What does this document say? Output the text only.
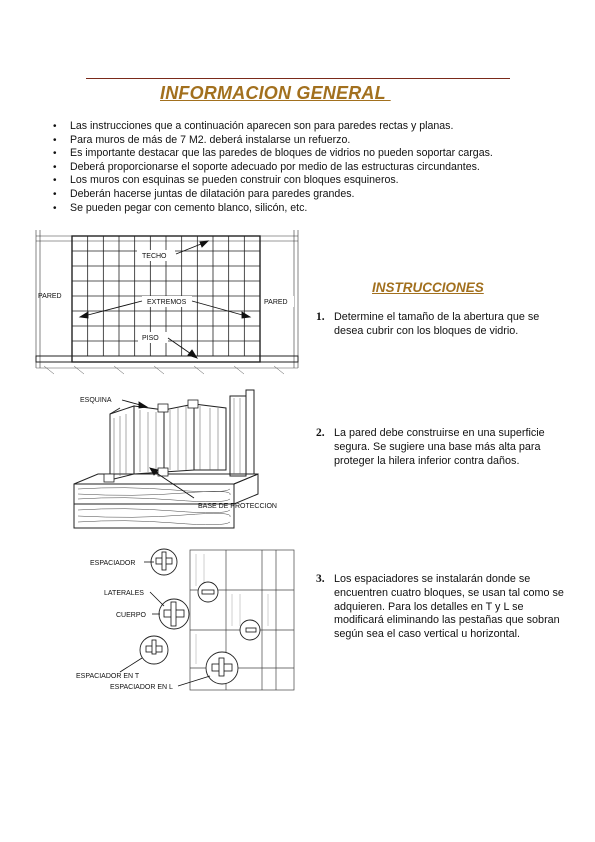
INFORMACION GENERAL
• Las instrucciones que a continuación aparecen son para paredes rectas y planas.
• Para muros de más de 7 M2. deberá instalarse un refuerzo.
• Es importante destacar que las paredes de bloques de vidrios no pueden soportar cargas.
• Deberá proporcionarse el soporte adecuado por medio de las estructuras circundantes.
• Los muros con esquinas se pueden construir con bloques esquineros.
• Deberán hacerse juntas de dilatación para paredes grandes.
• Se pueden pegar con cemento blanco, silicón, etc.
TECHO
EXTREMOS
PISO
PARED
PARED
ESQUINA
BASE DE PROTECCION
ESPACIADOR
LATERALES
CUERPO
ESPACIADOR EN T
ESPACIADOR EN L
INSTRUCCIONES
1. Determine el tamaño de la abertura que se desea cubrir con los bloques de vidrio.
2. La pared debe construirse en una superficie segura. Se sugiere una base más alta para proteger la hilera inferior contra daños.
3. Los espaciadores se instalarán donde se encuentren cuatro bloques, se usan tal como se adquieren. Para los detalles en T y L se modificará eliminando las pestañas que sobran según sea el caso vertical u horizontal.
